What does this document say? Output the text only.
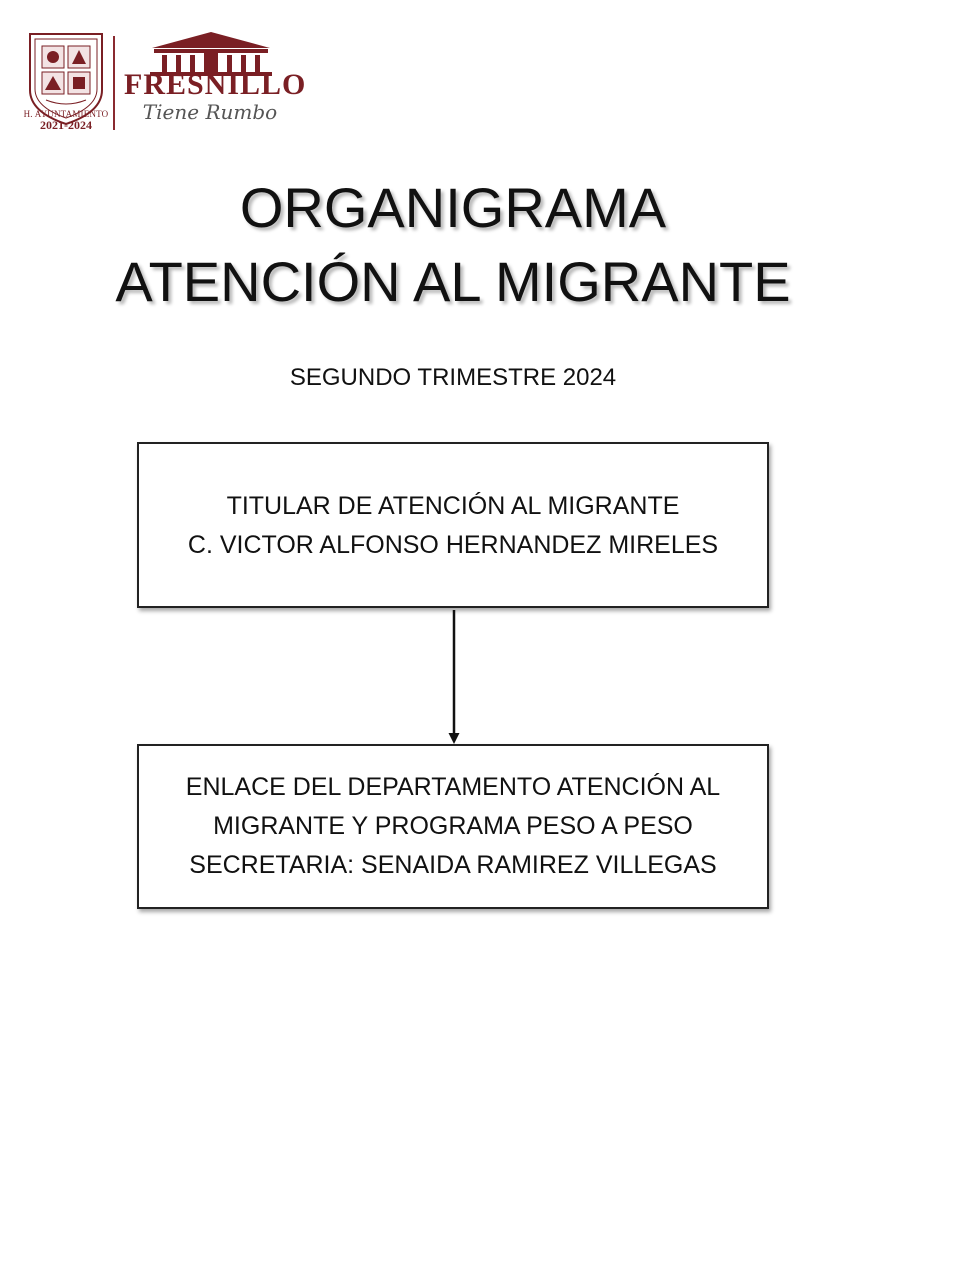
H. AYUNTAMIENTO
2021-2024
FRESNILLO
Tiene Rumbo
ORGANIGRAMA
ATENCIÓN AL MIGRANTE
SEGUNDO TRIMESTRE 2024
TITULAR DE ATENCIÓN AL MIGRANTE
C. VICTOR ALFONSO HERNANDEZ MIRELES
ENLACE DEL DEPARTAMENTO ATENCIÓN AL
MIGRANTE Y PROGRAMA PESO A PESO
SECRETARIA: SENAIDA RAMIREZ VILLEGAS
